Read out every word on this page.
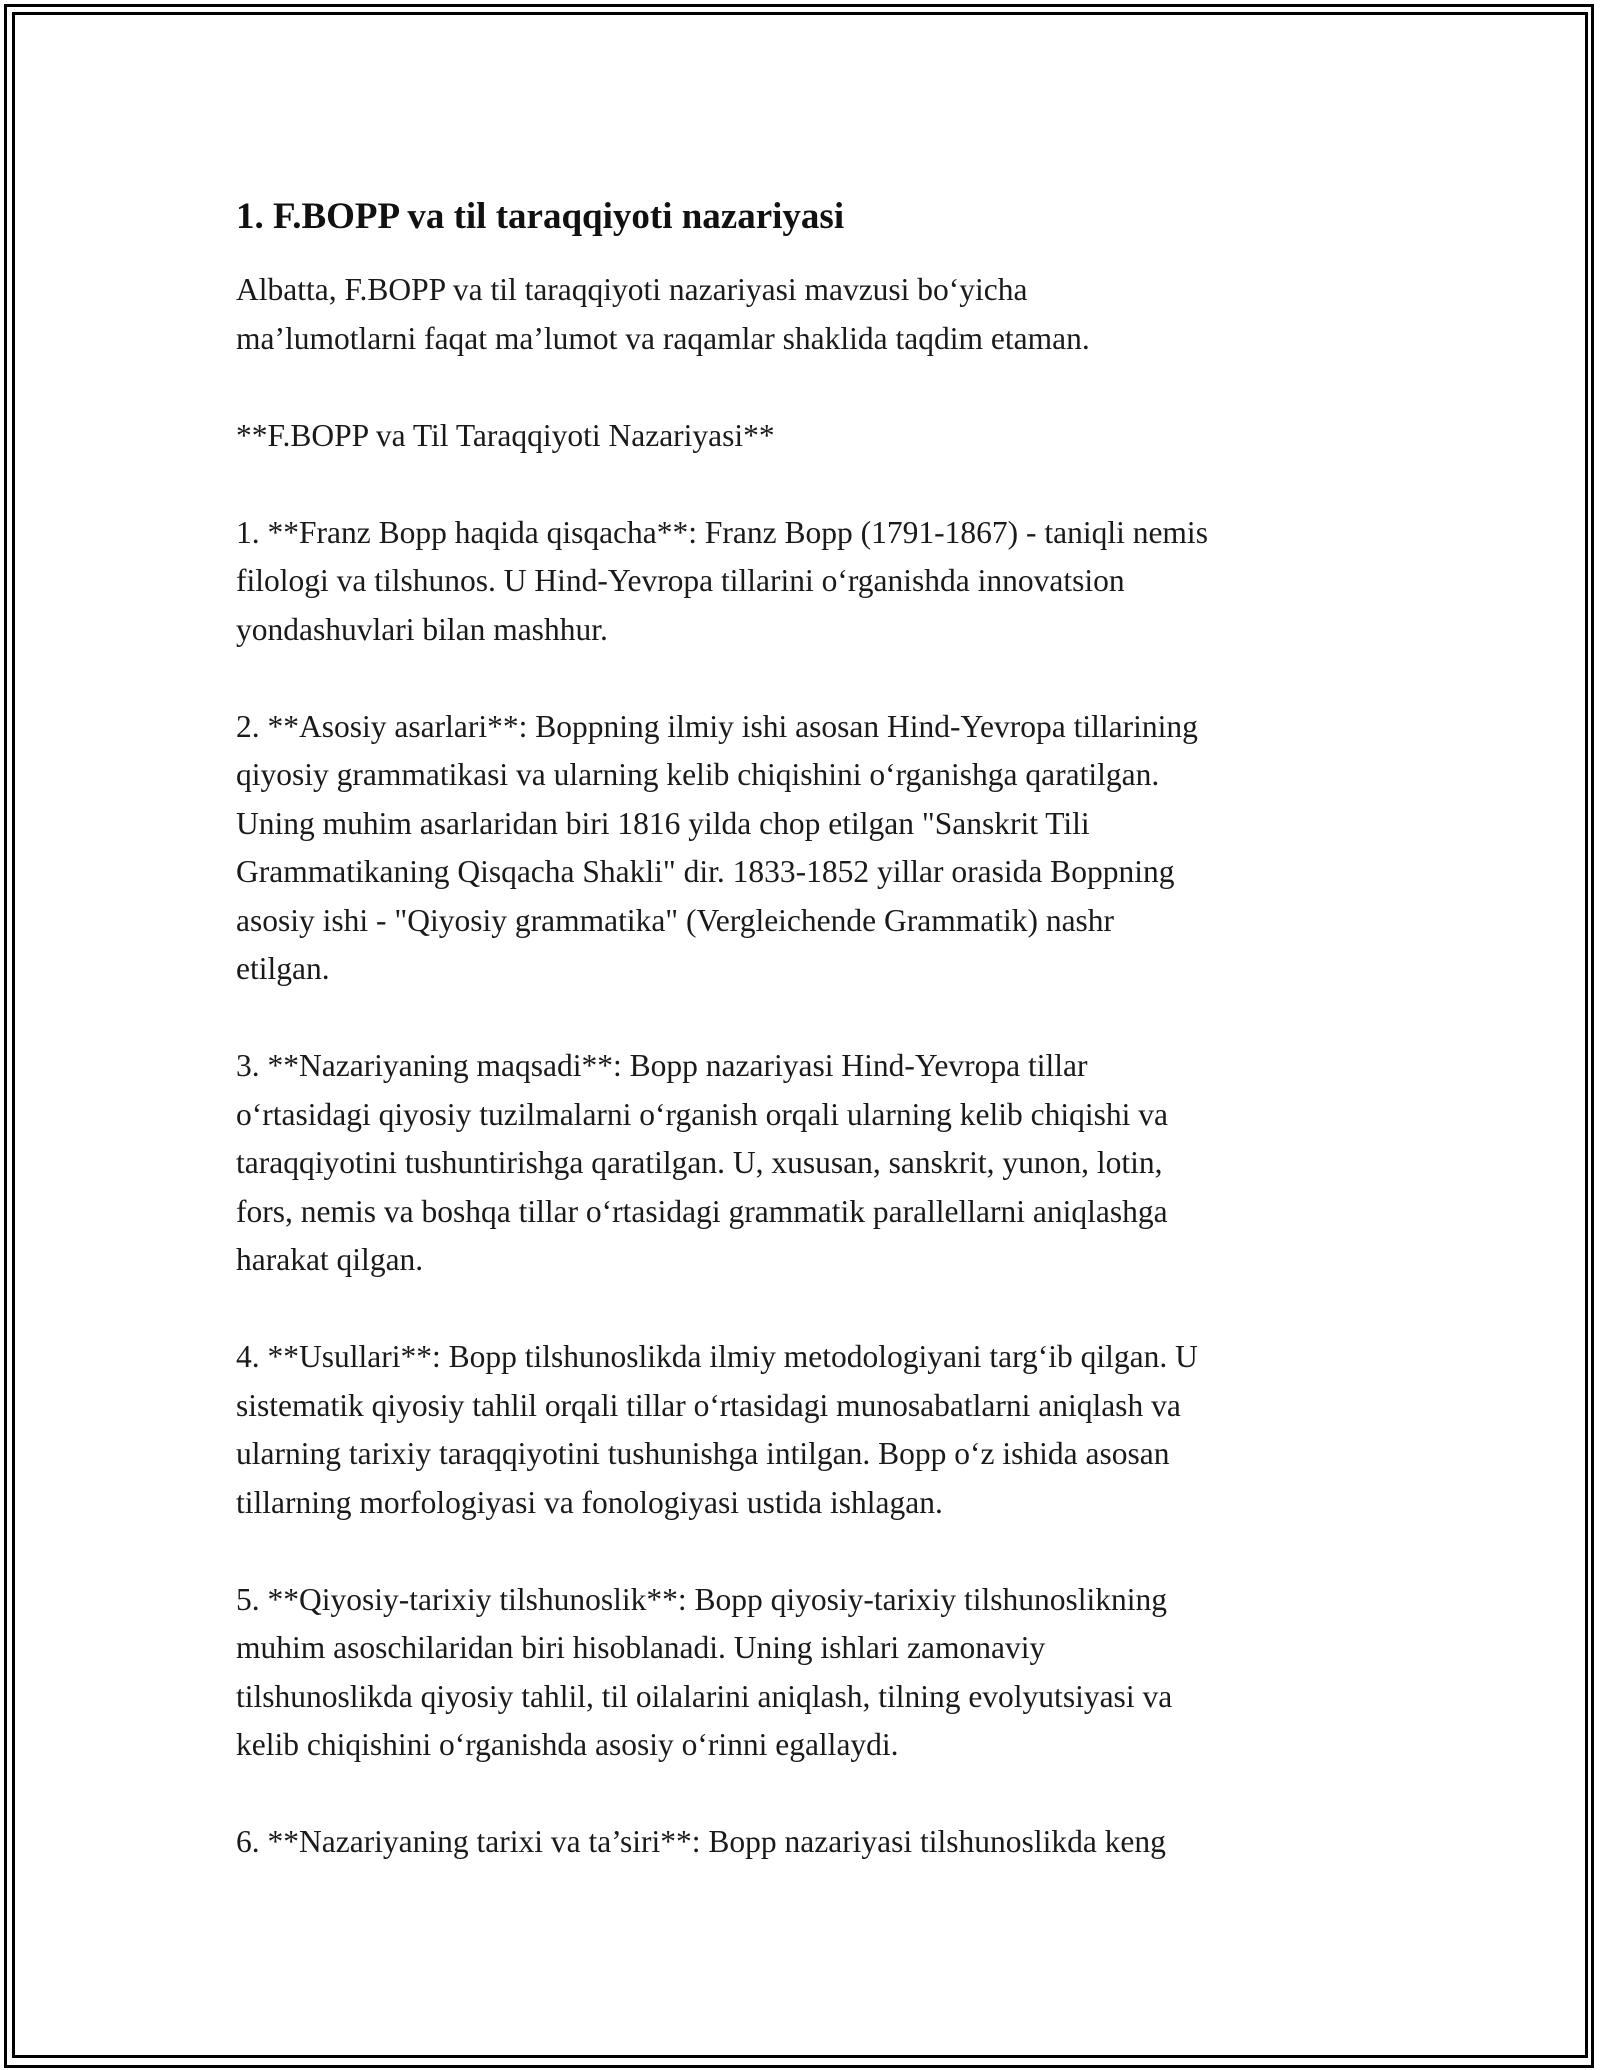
1. F.BOPP va til taraqqiyoti nazariyasi

Albatta, F.BOPP va til taraqqiyoti nazariyasi mavzusi bo‘yicha
ma’lumotlarni faqat ma’lumot va raqamlar shaklida taqdim etaman.

**F.BOPP va Til Taraqqiyoti Nazariyasi**

1. **Franz Bopp haqida qisqacha**: Franz Bopp (1791-1867) - taniqli nemis
filologi va tilshunos. U Hind-Yevropa tillarini o‘rganishda innovatsion
yondashuvlari bilan mashhur.

2. **Asosiy asarlari**: Boppning ilmiy ishi asosan Hind-Yevropa tillarining
qiyosiy grammatikasi va ularning kelib chiqishini o‘rganishga qaratilgan.
Uning muhim asarlaridan biri 1816 yilda chop etilgan "Sanskrit Tili
Grammatikaning Qisqacha Shakli" dir. 1833-1852 yillar orasida Boppning
asosiy ishi - "Qiyosiy grammatika" (Vergleichende Grammatik) nashr
etilgan.

3. **Nazariyaning maqsadi**: Bopp nazariyasi Hind-Yevropa tillar
o‘rtasidagi qiyosiy tuzilmalarni o‘rganish orqali ularning kelib chiqishi va
taraqqiyotini tushuntirishga qaratilgan. U, xususan, sanskrit, yunon, lotin,
fors, nemis va boshqa tillar o‘rtasidagi grammatik parallellarni aniqlashga
harakat qilgan.

4. **Usullari**: Bopp tilshunoslikda ilmiy metodologiyani targ‘ib qilgan. U
sistematik qiyosiy tahlil orqali tillar o‘rtasidagi munosabatlarni aniqlash va
ularning tarixiy taraqqiyotini tushunishga intilgan. Bopp o‘z ishida asosan
tillarning morfologiyasi va fonologiyasi ustida ishlagan.

5. **Qiyosiy-tarixiy tilshunoslik**: Bopp qiyosiy-tarixiy tilshunoslikning
muhim asoschilaridan biri hisoblanadi. Uning ishlari zamonaviy
tilshunoslikda qiyosiy tahlil, til oilalarini aniqlash, tilning evolyutsiyasi va
kelib chiqishini o‘rganishda asosiy o‘rinni egallaydi.

6. **Nazariyaning tarixi va ta’siri**: Bopp nazariyasi tilshunoslikda keng
